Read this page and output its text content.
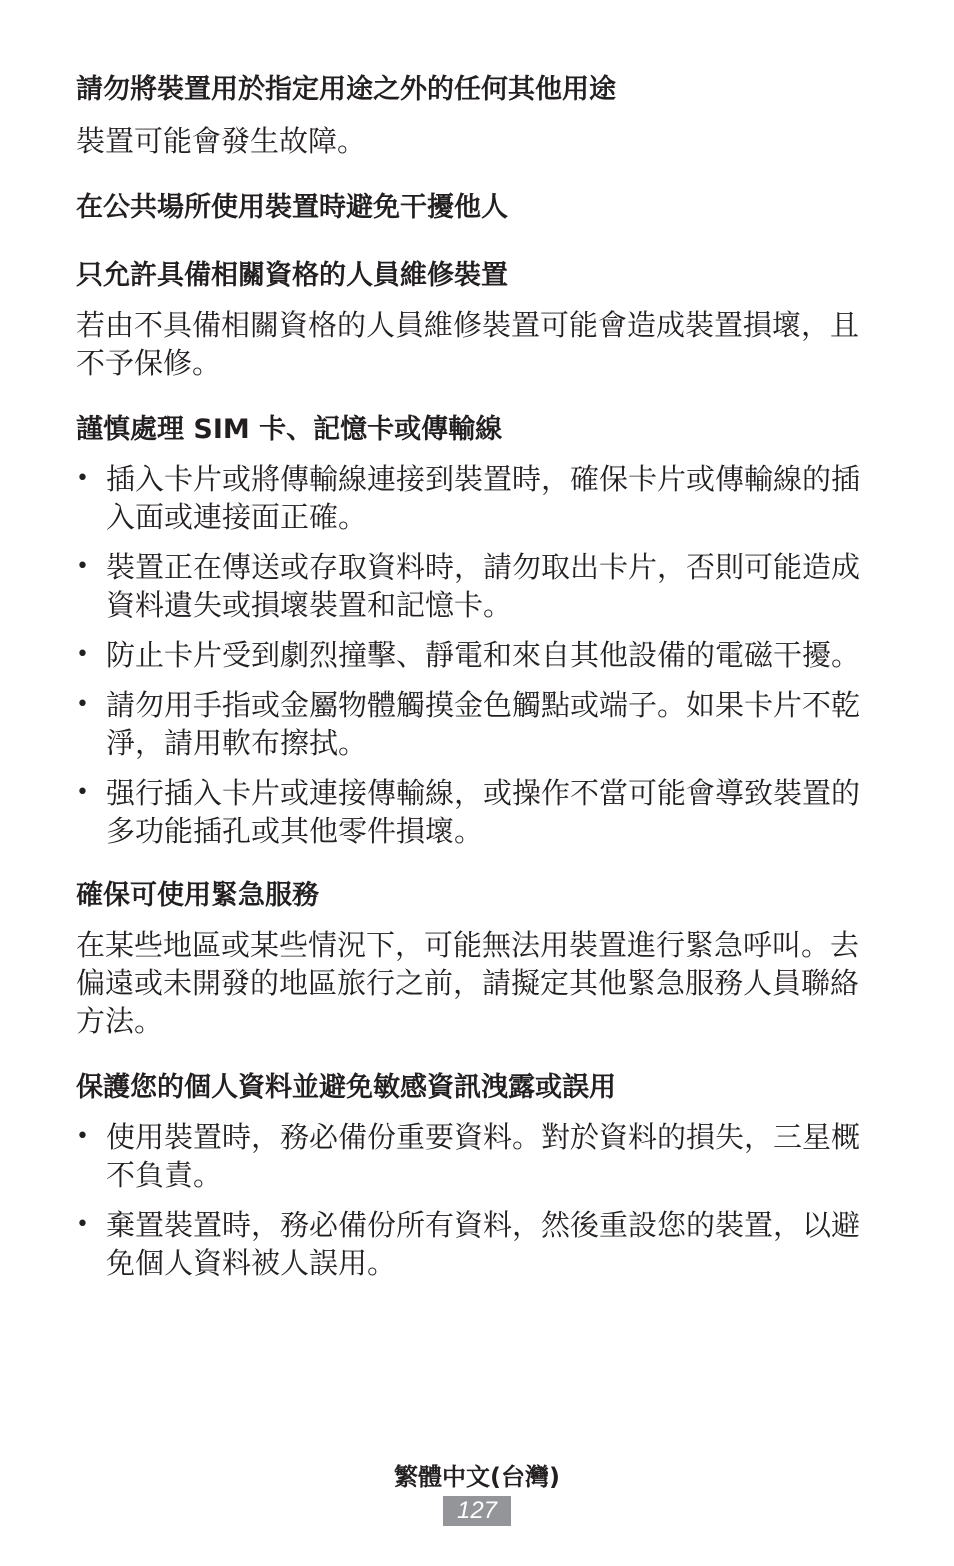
請勿將裝置用於指定用途之外的任何其他用途

裝置可能會發生故障。

在公共場所使用裝置時避免干擾他人
只允許具備相關資格的人員維修裝置

若由不具備相關資格的人員維修裝置可能會造成裝置損壞，且不予保修。

謹慎處理 SIM 卡、記憶卡或傳輸線
• 插入卡片或將傳輸線連接到裝置時，確保卡片或傳輸線的插入面或連接面正確。
• 裝置正在傳送或存取資料時，請勿取出卡片，否則可能造成資料遺失或損壞裝置和記憶卡。
• 防止卡片受到劇烈撞擊、靜電和來自其他設備的電磁干擾。
• 請勿用手指或金屬物體觸摸金色觸點或端子。如果卡片不乾淨，請用軟布擦拭。
• 强行插入卡片或連接傳輸線，或操作不當可能會導致裝置的多功能插孔或其他零件損壞。
確保可使用緊急服務

在某些地區或某些情況下，可能無法用裝置進行緊急呼叫。去偏遠或未開發的地區旅行之前，請擬定其他緊急服務人員聯絡方法。

保護您的個人資料並避免敏感資訊洩露或誤用
• 使用裝置時，務必備份重要資料。對於資料的損失，三星概不負責。
• 棄置裝置時，務必備份所有資料，然後重設您的裝置，以避免個人資料被人誤用。
繁體中文(台灣)
127
